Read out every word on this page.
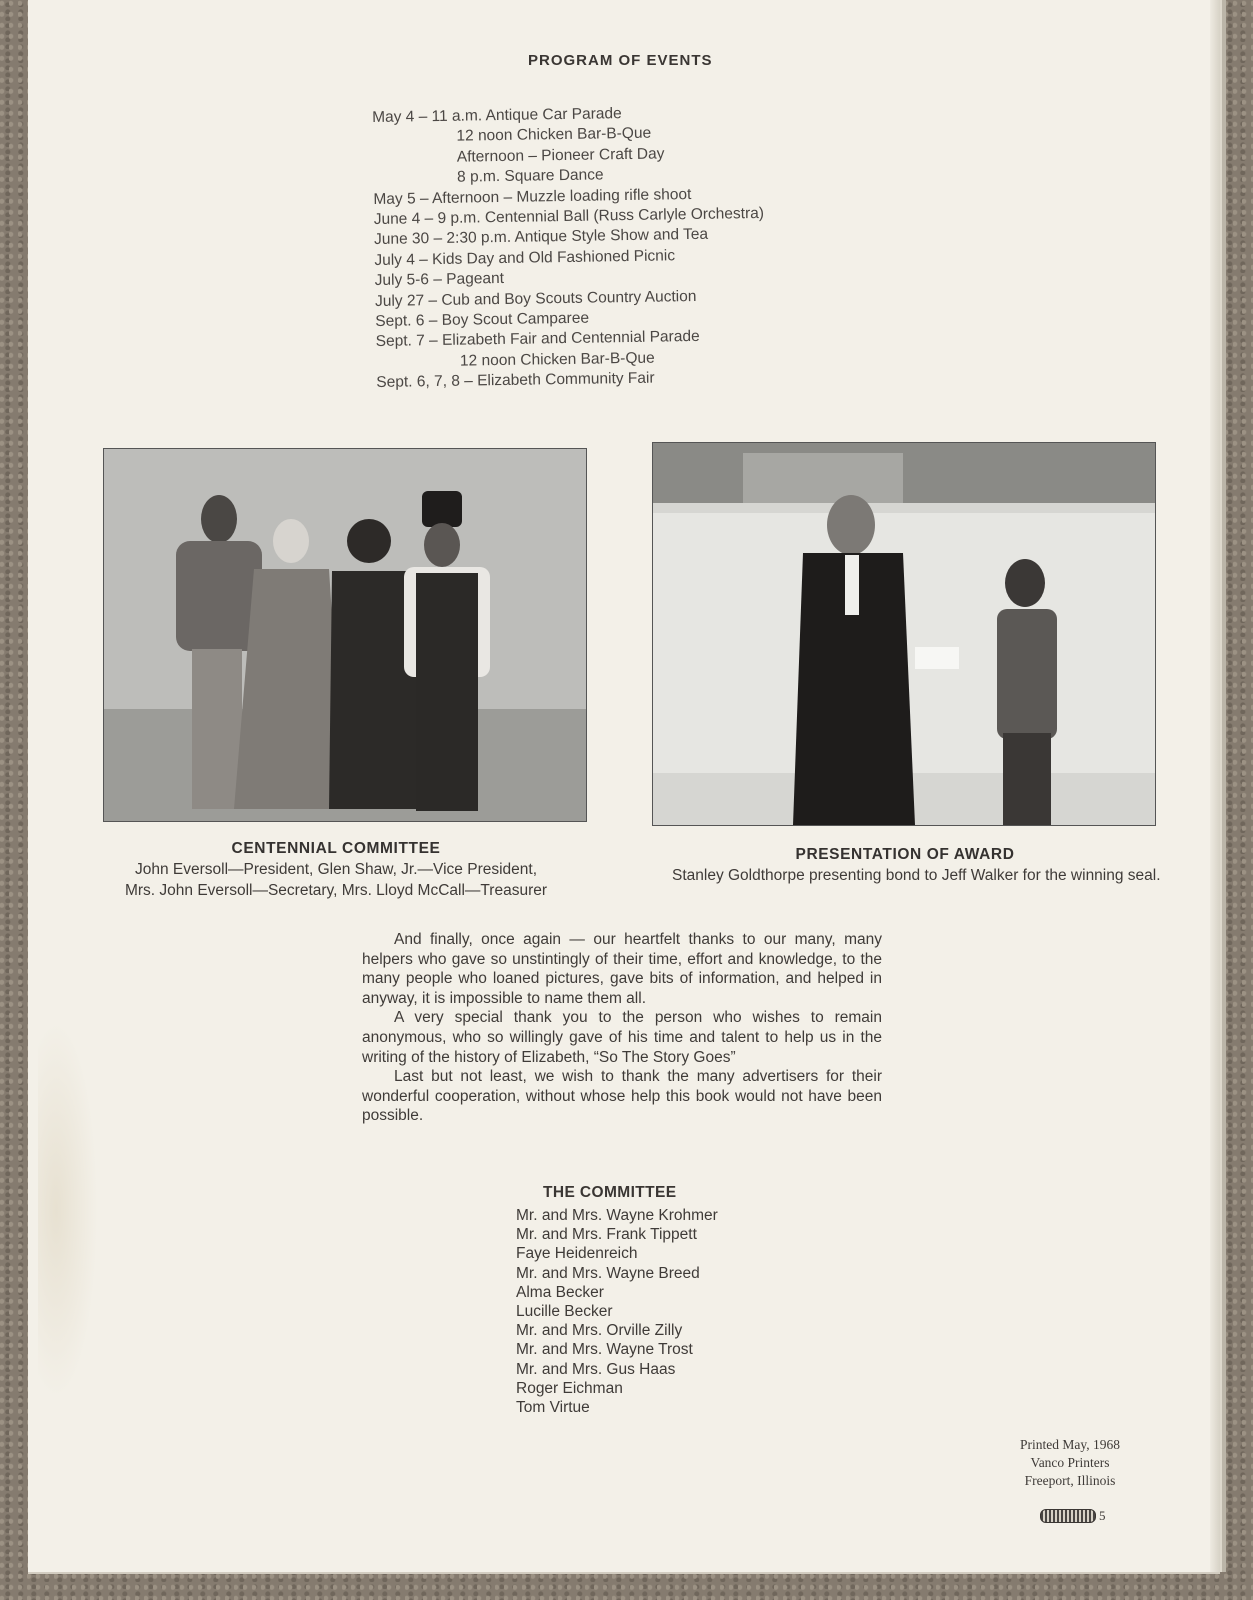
PROGRAM OF EVENTS
May 4 – 11 a.m. Antique Car Parade
12 noon Chicken Bar-B-Que
Afternoon – Pioneer Craft Day
8 p.m. Square Dance
May 5 – Afternoon – Muzzle loading rifle shoot
June 4 – 9 p.m. Centennial Ball (Russ Carlyle Orchestra)
June 30 – 2:30 p.m. Antique Style Show and Tea
July 4 – Kids Day and Old Fashioned Picnic
July 5-6 – Pageant
July 27 – Cub and Boy Scouts Country Auction
Sept. 6 – Boy Scout Camparee
Sept. 7 – Elizabeth Fair and Centennial Parade
12 noon Chicken Bar-B-Que
Sept. 6, 7, 8 – Elizabeth Community Fair
CENTENNIAL COMMITTEE
John Eversoll—President, Glen Shaw, Jr.—Vice President,
Mrs. John Eversoll—Secretary, Mrs. Lloyd McCall—Treasurer
PRESENTATION OF AWARD
Stanley Goldthorpe presenting bond to Jeff Walker for the winning seal.

And finally, once again — our heartfelt thanks to our many, many helpers who gave so unstintingly of their time, effort and knowledge, to the many people who loaned pictures, gave bits of information, and helped in anyway, it is impossible to name them all.

A very special thank you to the person who wishes to remain anonymous, who so willingly gave of his time and talent to help us in the writing of the history of Elizabeth, “So The Story Goes”

Last but not least, we wish to thank the many advertisers for their wonderful cooperation, without whose help this book would not have been possible.

THE COMMITTEE
Mr. and Mrs. Wayne Krohmer
Mr. and Mrs. Frank Tippett
Faye Heidenreich
Mr. and Mrs. Wayne Breed
Alma Becker
Lucille Becker
Mr. and Mrs. Orville Zilly
Mr. and Mrs. Wayne Trost
Mr. and Mrs. Gus Haas
Roger Eichman
Tom Virtue
Printed May, 1968
Vanco Printers
Freeport, Illinois
5
